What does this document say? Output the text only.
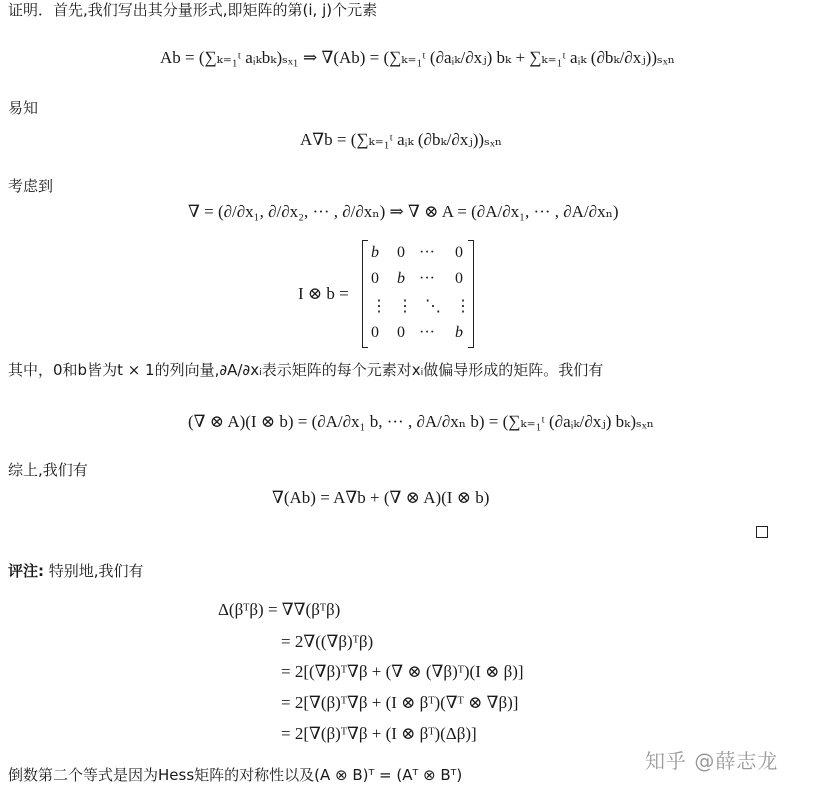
证明．首先,我们写出其分量形式,即矩阵的第(i, j)个元素
Ab = (∑ₖ₌₁ᵗ aᵢₖbₖ)ₛₓ₁ ⇒ ∇(Ab) = (∑ₖ₌₁ᵗ (∂aᵢₖ/∂xⱼ) bₖ + ∑ₖ₌₁ᵗ aᵢₖ (∂bₖ/∂xⱼ))ₛₓₙ
易知
A∇b = (∑ₖ₌₁ᵗ aᵢₖ (∂bₖ/∂xⱼ))ₛₓₙ
考虑到
∇ = (∂/∂x₁, ∂/∂x₂, ··· , ∂/∂xₙ) ⇒ ∇ ⊗ A = (∂A/∂x₁, ··· , ∂A/∂xₙ)
I ⊗ b =
b 0 ··· 0
0 b ··· 0
⋮ ⋮ ⋱ ⋮
0 0 ··· b
其中，0和b皆为t × 1的列向量,∂A/∂xᵢ表示矩阵的每个元素对xᵢ做偏导形成的矩阵。我们有
(∇ ⊗ A)(I ⊗ b) = (∂A/∂x₁ b, ··· , ∂A/∂xₙ b) = (∑ₖ₌₁ᵗ (∂aᵢₖ/∂xⱼ) bₖ)ₛₓₙ
综上,我们有
∇(Ab) = A∇b + (∇ ⊗ A)(I ⊗ b)
评注: 特别地,我们有
Δ(βᵀβ) = ∇∇(βᵀβ)
= 2∇((∇β)ᵀβ)
= 2[(∇β)ᵀ∇β + (∇ ⊗ (∇β)ᵀ)(I ⊗ β)]
= 2[∇(β)ᵀ∇β + (I ⊗ βᵀ)(∇ᵀ ⊗ ∇β)]
= 2[∇(β)ᵀ∇β + (I ⊗ βᵀ)(Δβ)]
倒数第二个等式是因为Hess矩阵的对称性以及(A ⊗ B)ᵀ = (Aᵀ ⊗ Bᵀ)
知乎 @薛志龙
